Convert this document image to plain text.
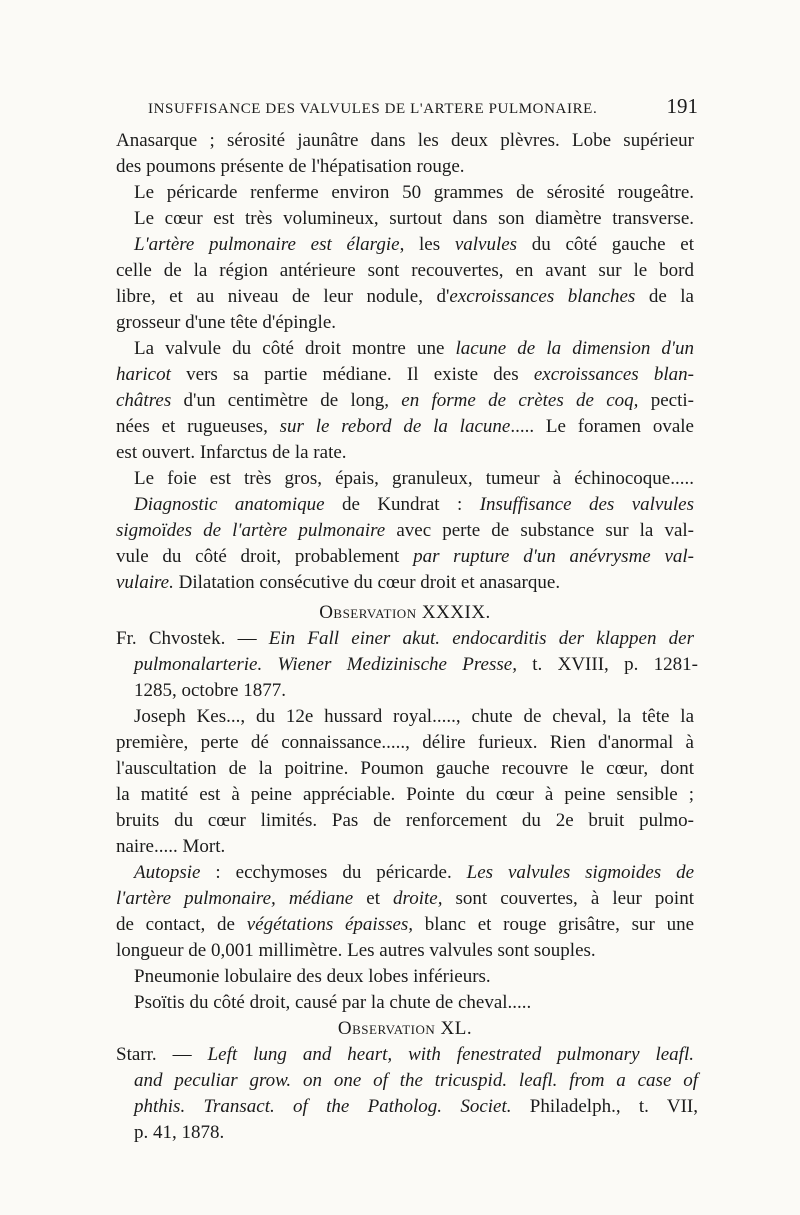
INSUFFISANCE DES VALVULES DE L'ARTERE PULMONAIRE.	191
Anasarque ; sérosité jaunâtre dans les deux plèvres. Lobe supérieur
des poumons présente de l'hépatisation rouge.
Le péricarde renferme environ 50 grammes de sérosité rougeâtre.
Le cœur est très volumineux, surtout dans son diamètre transverse.
L'artère pulmonaire est élargie, les valvules du côté gauche et
celle de la région antérieure sont recouvertes, en avant sur le bord
libre, et au niveau de leur nodule, d'excroissances blanches de la
grosseur d'une tête d'épingle.
La valvule du côté droit montre une lacune de la dimension d'un
haricot vers sa partie médiane. Il existe des excroissances blan-
châtres d'un centimètre de long, en forme de crètes de coq, pecti-
nées et rugueuses, sur le rebord de la lacune..... Le foramen ovale
est ouvert. Infarctus de la rate.
Le foie est très gros, épais, granuleux, tumeur à échinocoque.....
Diagnostic anatomique de Kundrat : Insuffisance des valvules
sigmoïdes de l'artère pulmonaire avec perte de substance sur la val-
vule du côté droit, probablement par rupture d'un anévrysme val-
vulaire. Dilatation consécutive du cœur droit et anasarque.
Observation XXXIX.
Fr. Chvostek. — Ein Fall einer akut. endocarditis der klappen der
pulmonalarterie. Wiener Medizinische Presse, t. XVIII, p. 1281-
1285, octobre 1877.
Joseph Kes..., du 12e hussard royal....., chute de cheval, la tête la
première, perte dé connaissance....., délire furieux. Rien d'anormal à
l'auscultation de la poitrine. Poumon gauche recouvre le cœur, dont
la matité est à peine appréciable. Pointe du cœur à peine sensible ;
bruits du cœur limités. Pas de renforcement du 2e bruit pulmo-
naire..... Mort.
Autopsie : ecchymoses du péricarde. Les valvules sigmoides de
l'artère pulmonaire, médiane et droite, sont couvertes, à leur point
de contact, de végétations épaisses, blanc et rouge grisâtre, sur une
longueur de 0,001 millimètre. Les autres valvules sont souples.
Pneumonie lobulaire des deux lobes inférieurs.
Psoïtis du côté droit, causé par la chute de cheval.....
Observation XL.
Starr. — Left lung and heart, with fenestrated pulmonary leafl.
and peculiar grow. on one of the tricuspid. leafl. from a case of
phthis. Transact. of the Patholog. Societ. Philadelph., t. VII,
p. 41, 1878.
